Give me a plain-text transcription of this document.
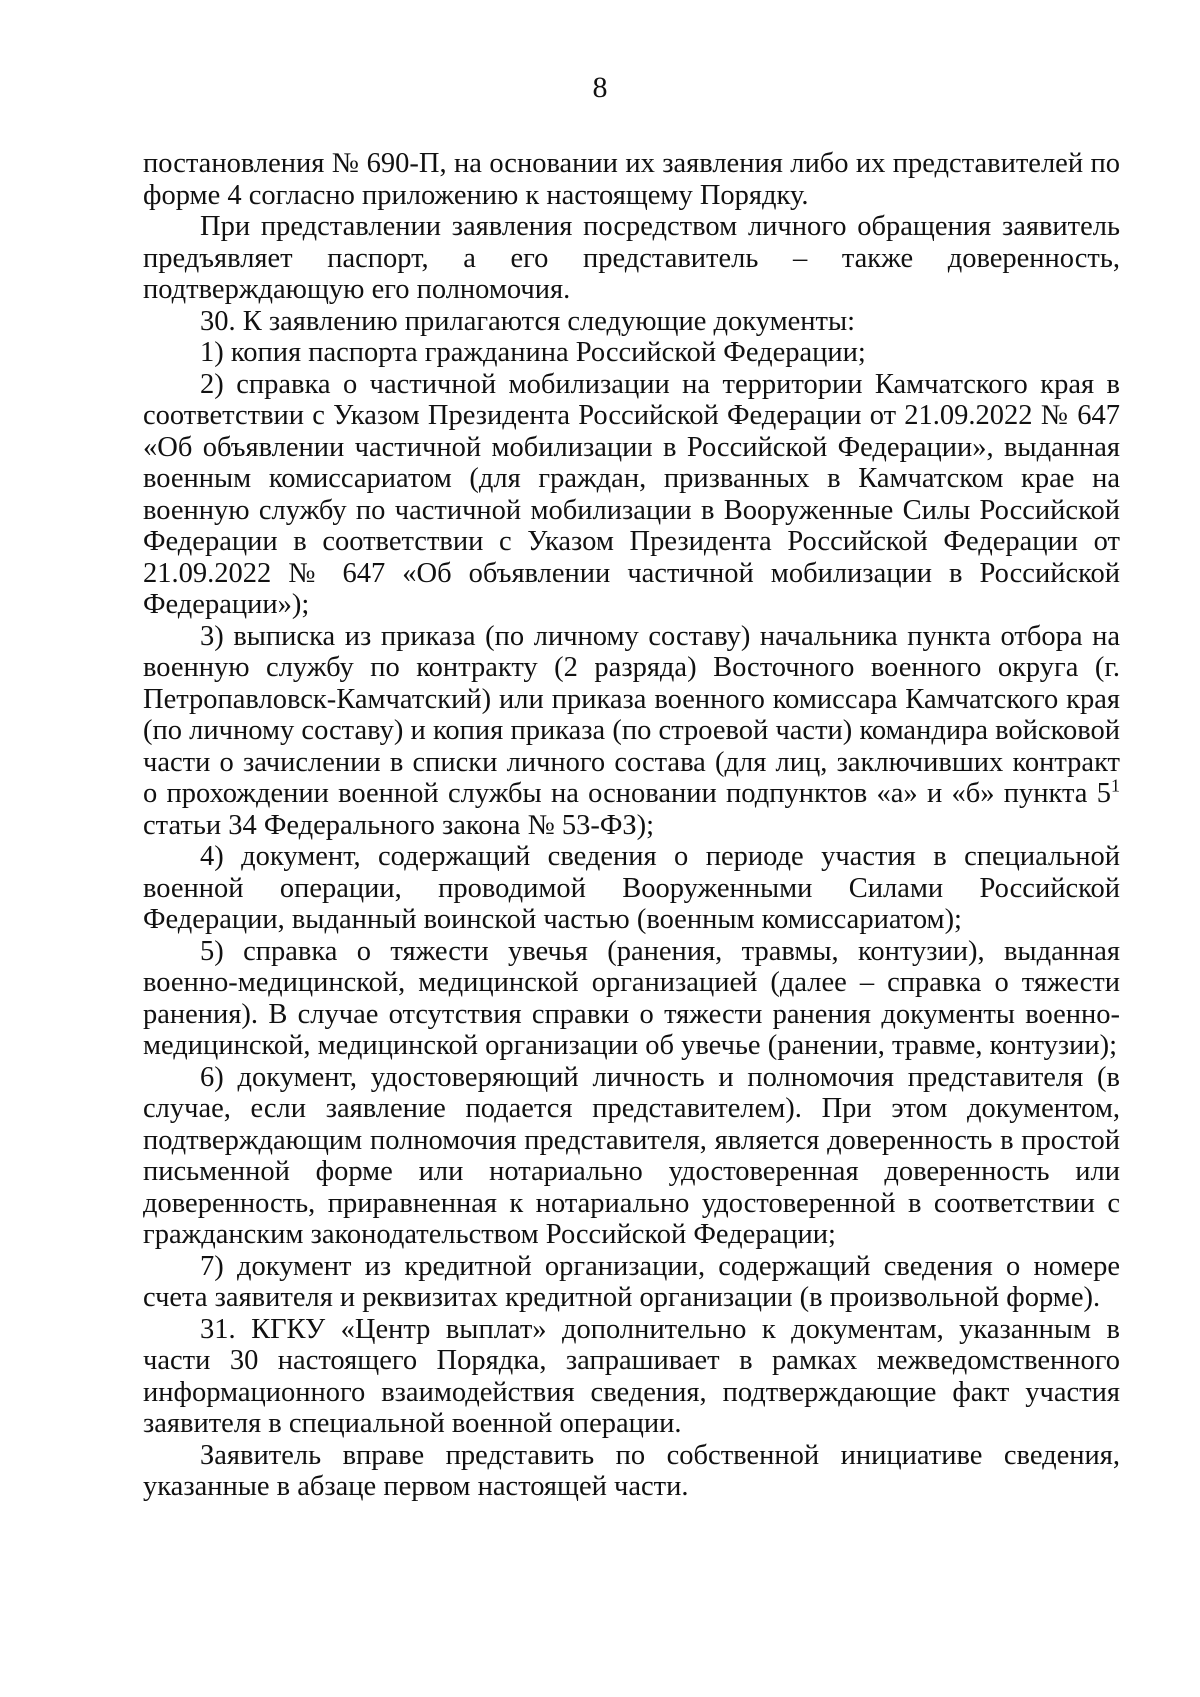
8

постановления № 690-П, на основании их заявления либо их представителей по форме 4 согласно приложению к настоящему Порядку.

При представлении заявления посредством личного обращения заявитель предъявляет паспорт, а его представитель – также доверенность, подтверждающую его полномочия.

30. К заявлению прилагаются следующие документы:

1) копия паспорта гражданина Российской Федерации;

2) справка о частичной мобилизации на территории Камчатского края в соответствии с Указом Президента Российской Федерации от 21.09.2022 № 647 «Об объявлении частичной мобилизации в Российской Федерации», выданная военным комиссариатом (для граждан, призванных в Камчатском крае на военную службу по частичной мобилизации в Вооруженные Силы Российской Федерации в соответствии с Указом Президента Российской Федерации от 21.09.2022 № 647 «Об объявлении частичной мобилизации в Российской Федерации»);

3) выписка из приказа (по личному составу) начальника пункта отбора на военную службу по контракту (2 разряда) Восточного военного округа (г. Петропавловск-Камчатский) или приказа военного комиссара Камчатского края (по личному составу) и копия приказа (по строевой части) командира войсковой части о зачислении в списки личного состава (для лиц, заключивших контракт о прохождении военной службы на основании подпунктов «а» и «б» пункта $5^1$ статьи 34 Федерального закона № 53-ФЗ);

4) документ, содержащий сведения о периоде участия в специальной военной операции, проводимой Вооруженными Силами Российской Федерации, выданный воинской частью (военным комиссариатом);

5) справка о тяжести увечья (ранения, травмы, контузии), выданная военно-медицинской, медицинской организацией (далее – справка о тяжести ранения). В случае отсутствия справки о тяжести ранения документы военно-медицинской, медицинской организации об увечье (ранении, травме, контузии);

6) документ, удостоверяющий личность и полномочия представителя (в случае, если заявление подается представителем). При этом документом, подтверждающим полномочия представителя, является доверенность в простой письменной форме или нотариально удостоверенная доверенность или доверенность, приравненная к нотариально удостоверенной в соответствии с гражданским законодательством Российской Федерации;

7) документ из кредитной организации, содержащий сведения о номере счета заявителя и реквизитах кредитной организации (в произвольной форме).

31. КГКУ «Центр выплат» дополнительно к документам, указанным в части 30 настоящего Порядка, запрашивает в рамках межведомственного информационного взаимодействия сведения, подтверждающие факт участия заявителя в специальной военной операции.

Заявитель вправе представить по собственной инициативе сведения, указанные в абзаце первом настоящей части.
